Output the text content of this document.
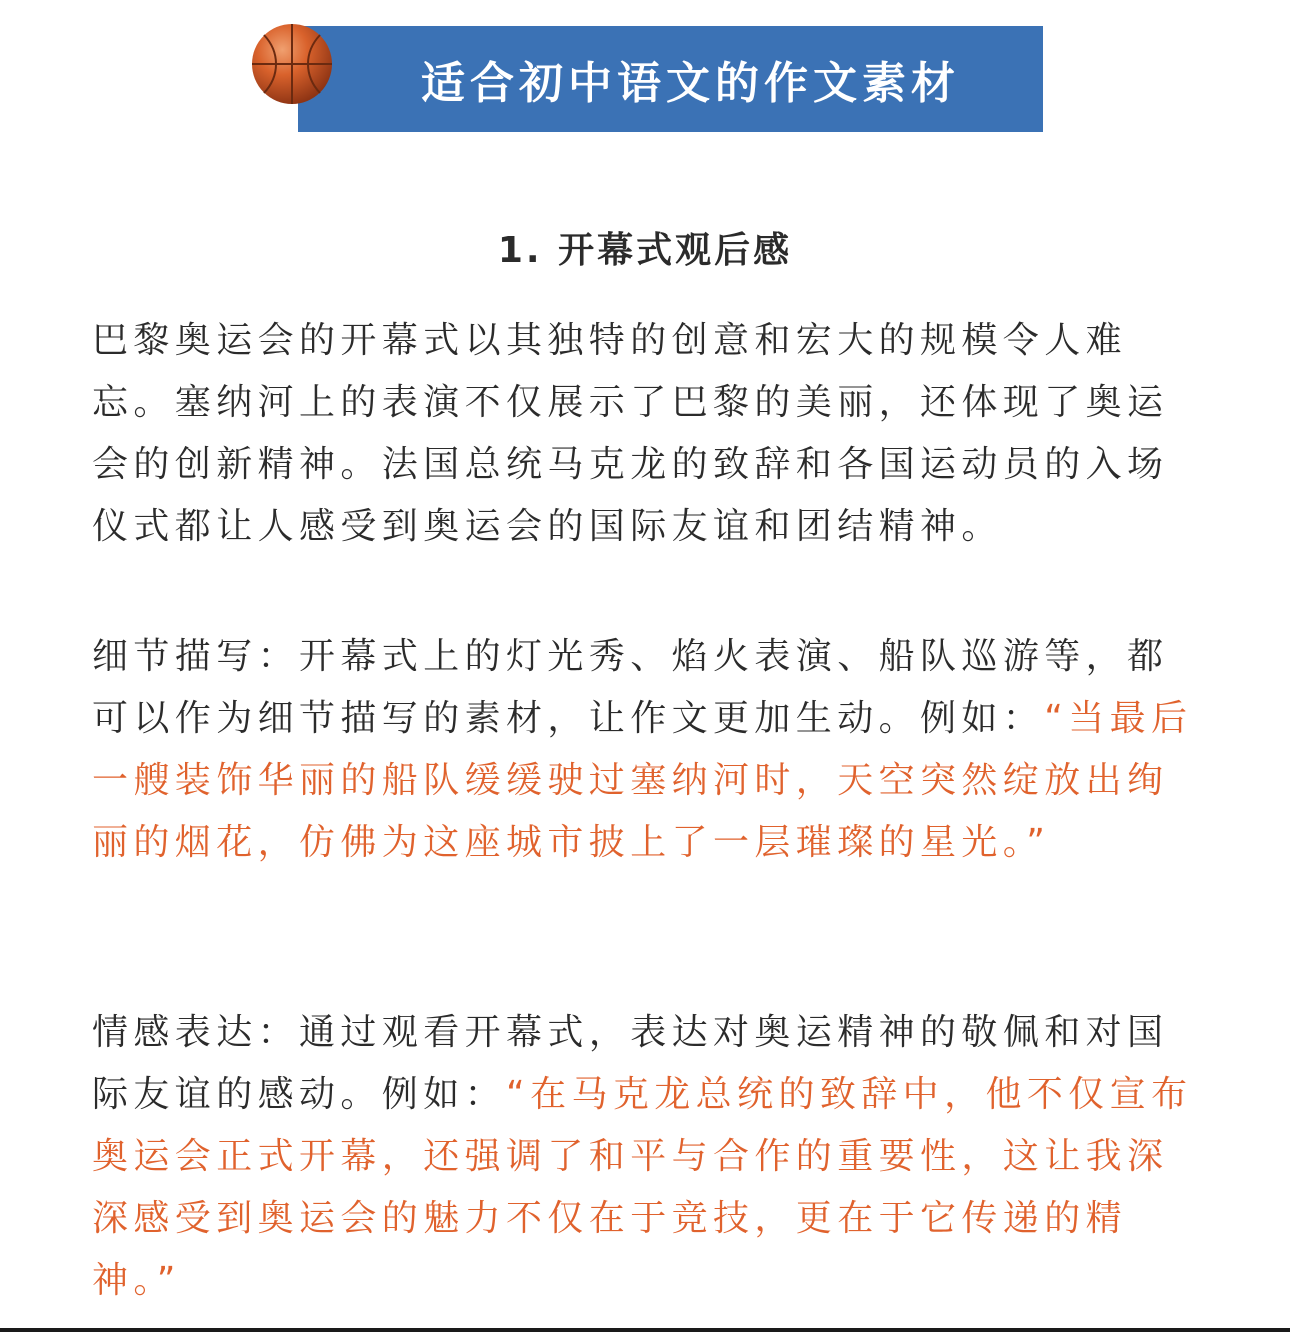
适合初中语文的作文素材
1. 开幕式观后感

巴黎奥运会的开幕式以其独特的创意和宏大的规模令人难忘。塞纳河上的表演不仅展示了巴黎的美丽，还体现了奥运会的创新精神。法国总统马克龙的致辞和各国运动员的入场仪式都让人感受到奥运会的国际友谊和团结精神。

细节描写：开幕式上的灯光秀、焰火表演、船队巡游等，都可以作为细节描写的素材，让作文更加生动。例如：“当最后一艘装饰华丽的船队缓缓驶过塞纳河时，天空突然绽放出绚丽的烟花，仿佛为这座城市披上了一层璀璨的星光。”

情感表达：通过观看开幕式，表达对奥运精神的敬佩和对国际友谊的感动。例如：“在马克龙总统的致辞中，他不仅宣布奥运会正式开幕，还强调了和平与合作的重要性，这让我深深感受到奥运会的魅力不仅在于竞技，更在于它传递的精神。”
